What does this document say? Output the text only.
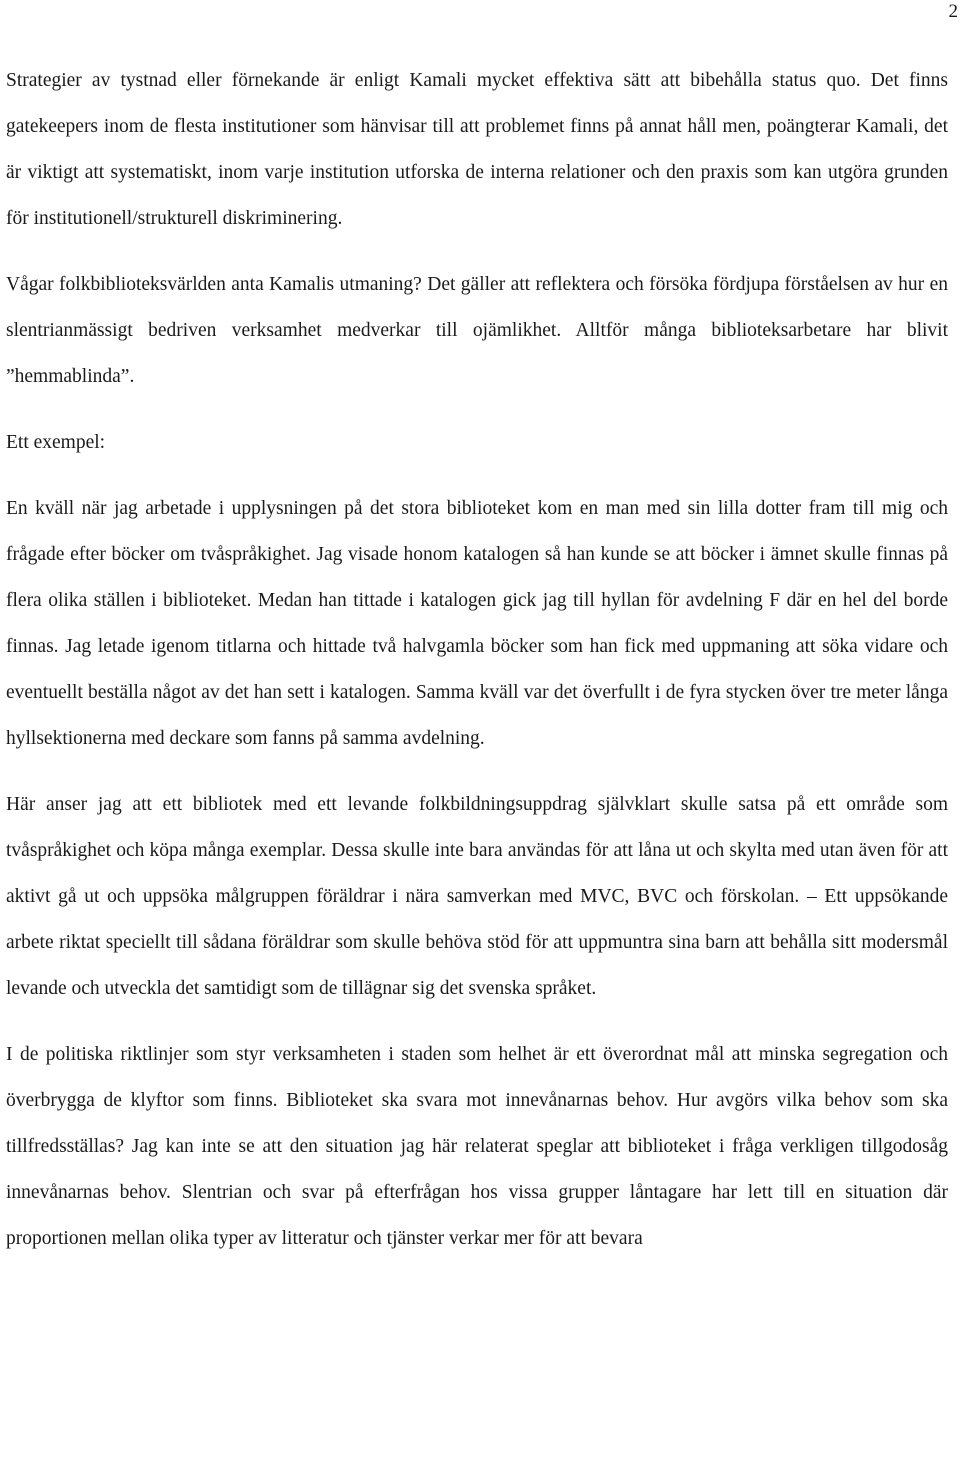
2

Strategier av tystnad eller förnekande är enligt Kamali mycket effektiva sätt att bibehålla status quo. Det finns gatekeepers inom de flesta institutioner som hänvisar till att problemet finns på annat håll men, poängterar Kamali, det är viktigt att systematiskt, inom varje institution utforska de interna relationer och den praxis som kan utgöra grunden för institutionell/strukturell diskriminering.

Vågar folkbiblioteksvärlden anta Kamalis utmaning? Det gäller att reflektera och försöka fördjupa förståelsen av hur en slentrianmässigt bedriven verksamhet medverkar till ojämlikhet. Alltför många biblioteksarbetare har blivit ”hemmablinda”.

Ett exempel:

En kväll när jag arbetade i upplysningen på det stora biblioteket kom en man med sin lilla dotter fram till mig och frågade efter böcker om tvåspråkighet. Jag visade honom katalogen så han kunde se att böcker i ämnet skulle finnas på flera olika ställen i biblioteket. Medan han tittade i katalogen gick jag till hyllan för avdelning F där en hel del borde finnas. Jag letade igenom titlarna och hittade två halvgamla böcker som han fick med uppmaning att söka vidare och eventuellt beställa något av det han sett i katalogen. Samma kväll var det överfullt i de fyra stycken över tre meter långa hyllsektionerna med deckare som fanns på samma avdelning.

Här anser jag att ett bibliotek med ett levande folkbildningsuppdrag självklart skulle satsa på ett område som tvåspråkighet och köpa många exemplar. Dessa skulle inte bara användas för att låna ut och skylta med utan även för att aktivt gå ut och uppsöka målgruppen föräldrar i nära samverkan med MVC, BVC och förskolan. – Ett uppsökande arbete riktat speciellt till sådana föräldrar som skulle behöva stöd för att uppmuntra sina barn att behålla sitt modersmål levande och utveckla det samtidigt som de tillägnar sig det svenska språket.

I de politiska riktlinjer som styr verksamheten i staden som helhet är ett överordnat mål att minska segregation och överbrygga de klyftor som finns. Biblioteket ska svara mot innevånarnas behov. Hur avgörs vilka behov som ska tillfredsställas? Jag kan inte se att den situation jag här relaterat speglar att biblioteket i fråga verkligen tillgodosåg innevånarnas behov. Slentrian och svar på efterfrågan hos vissa grupper låntagare har lett till en situation där proportionen mellan olika typer av litteratur och tjänster verkar mer för att bevara
